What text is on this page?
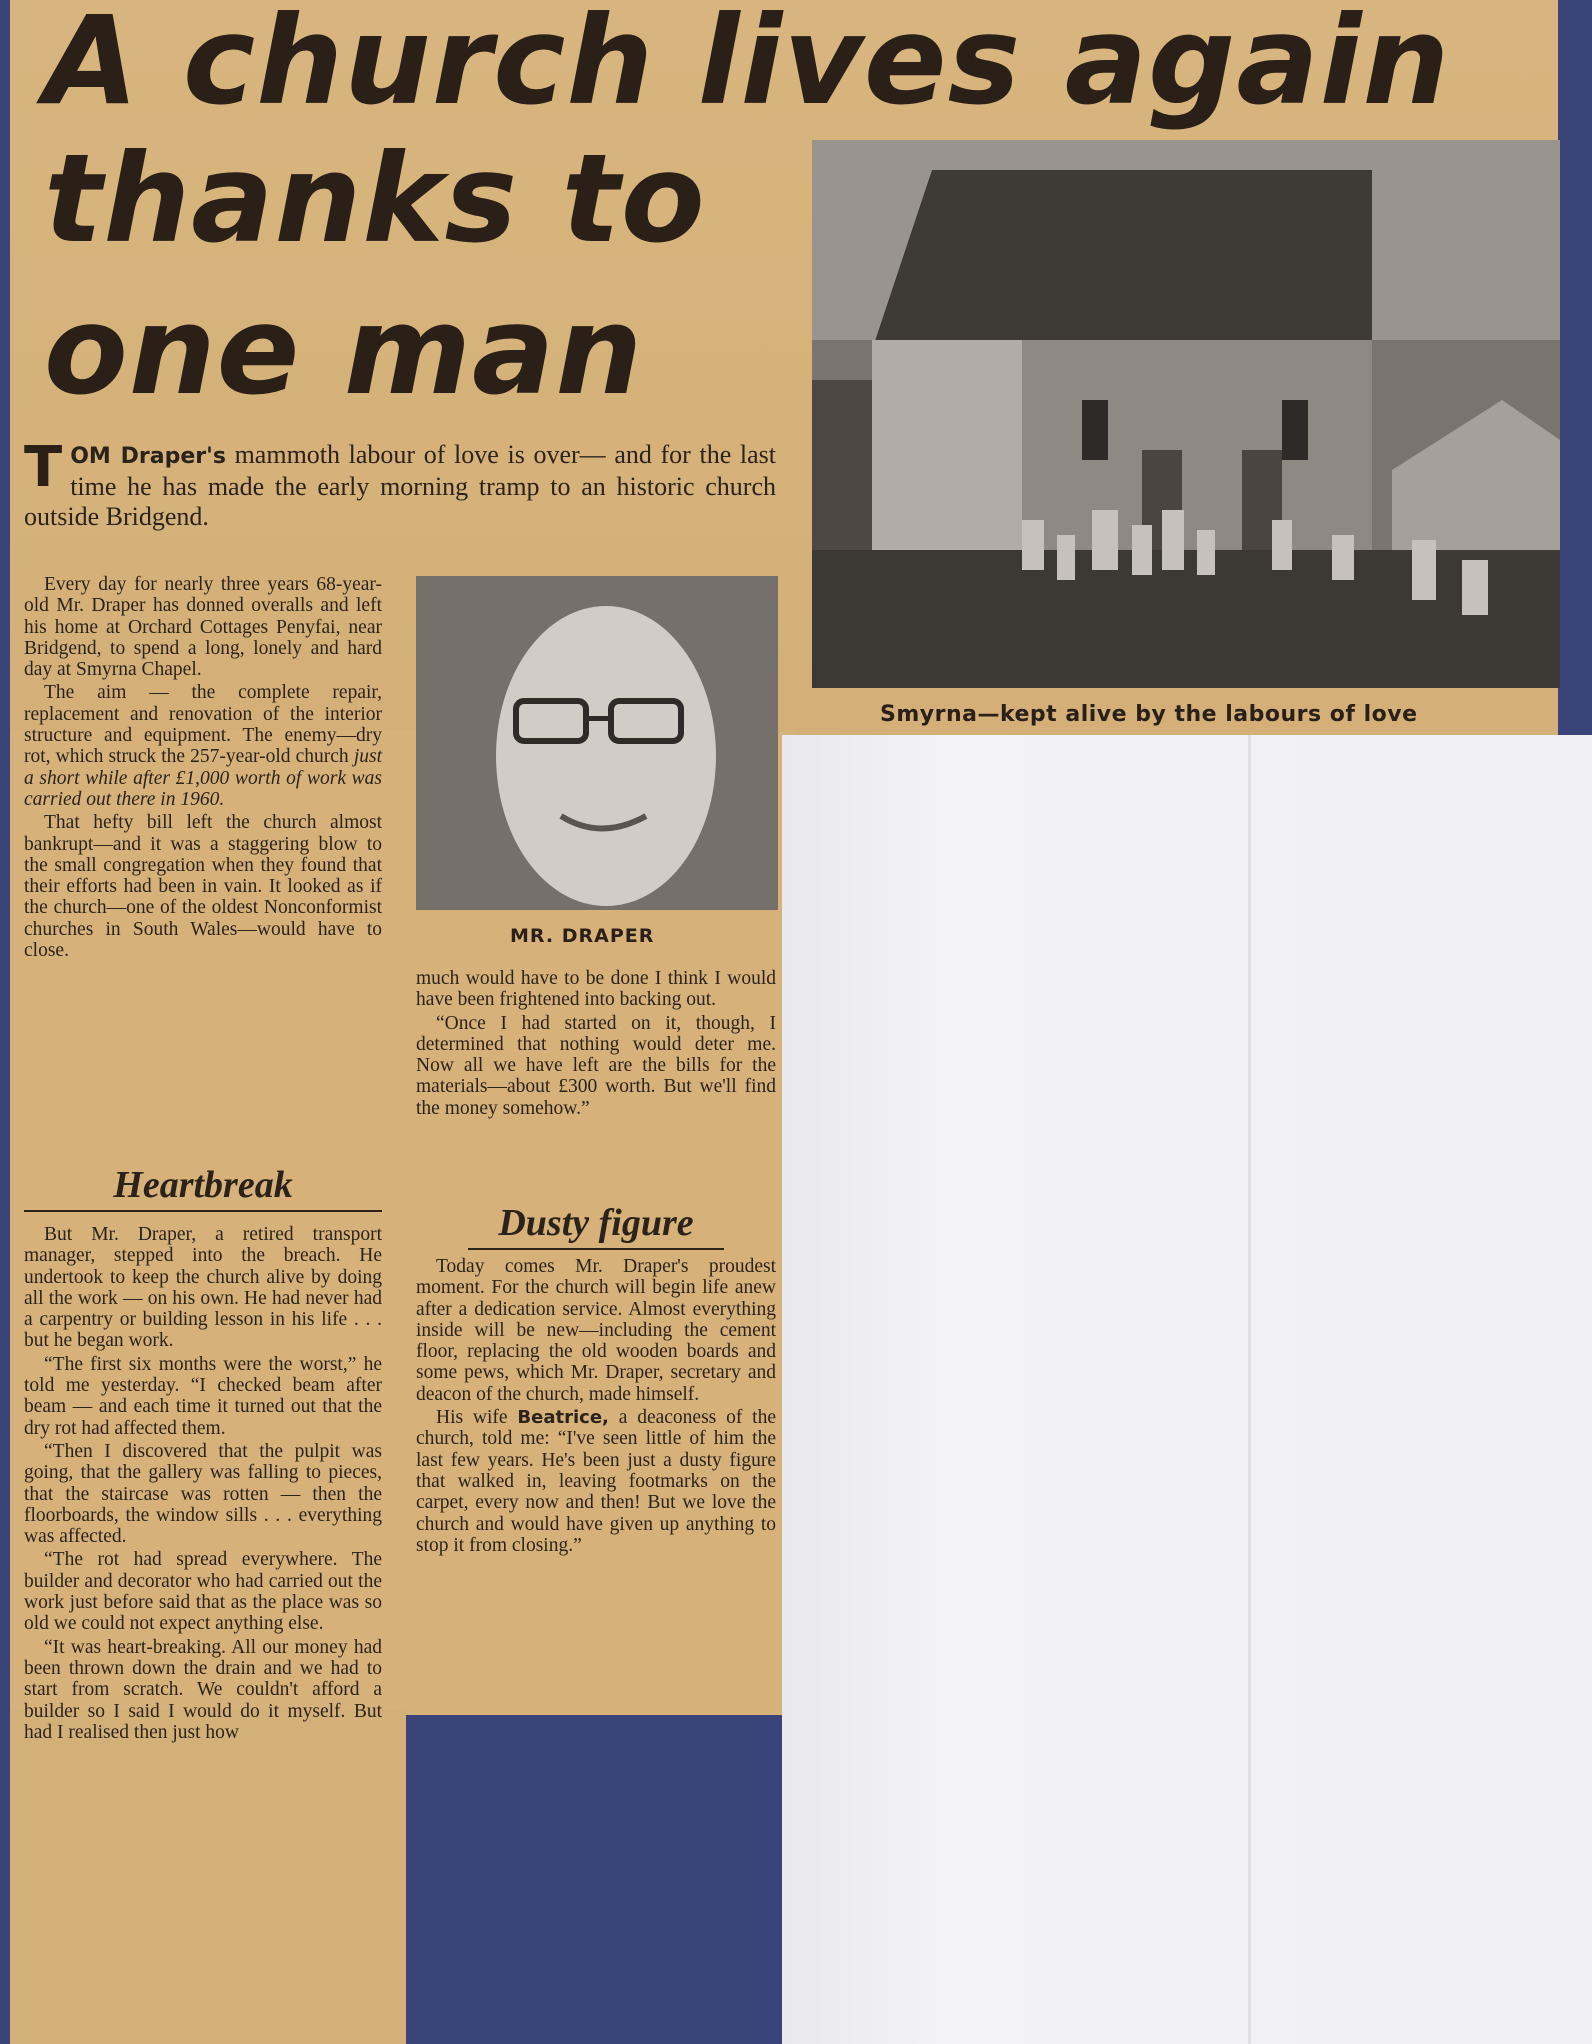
A church lives again
thanks to
one man

Smyrna—kept alive by the labours of love

T OM Draper's mammoth labour of love is over— and for the last time he has made the early morning tramp to an historic church outside Bridgend.

MR. DRAPER

Every day for nearly three years 68-year-old Mr. Draper has donned overalls and left his home at Orchard Cottages Penyfai, near Bridgend, to spend a long, lonely and hard day at Smyrna Chapel.

The aim — the complete repair, replacement and renovation of the interior structure and equipment. The enemy—dry rot, which struck the 257-year-old church just a short while after £1,000 worth of work was carried out there in 1960.

That hefty bill left the church almost bankrupt—and it was a staggering blow to the small congregation when they found that their efforts had been in vain. It looked as if the church—one of the oldest Nonconformist churches in South Wales—would have to close.

Heartbreak

But Mr. Draper, a retired transport manager, stepped into the breach. He undertook to keep the church alive by doing all the work — on his own. He had never had a carpentry or building lesson in his life . . . but he began work.

“The first six months were the worst,” he told me yesterday. “I checked beam after beam — and each time it turned out that the dry rot had affected them.

“Then I discovered that the pulpit was going, that the gallery was falling to pieces, that the staircase was rotten — then the floorboards, the window sills . . . everything was affected.

“The rot had spread everywhere. The builder and decorator who had carried out the work just before said that as the place was so old we could not expect anything else.

“It was heart-breaking. All our money had been thrown down the drain and we had to start from scratch. We couldn't afford a builder so I said I would do it myself. But had I realised then just how

much would have to be done I think I would have been frightened into backing out.

“Once I had started on it, though, I determined that nothing would deter me. Now all we have left are the bills for the materials—about £300 worth. But we'll find the money somehow.”

Dusty figure

Today comes Mr. Draper's proudest moment. For the church will begin life anew after a dedication service. Almost everything inside will be new—including the cement floor, replacing the old wooden boards and some pews, which Mr. Draper, secretary and deacon of the church, made himself.

His wife Beatrice, a deaconess of the church, told me: “I've seen little of him the last few years. He's been just a dusty figure that walked in, leaving footmarks on the carpet, every now and then! But we love the church and would have given up anything to stop it from closing.”
